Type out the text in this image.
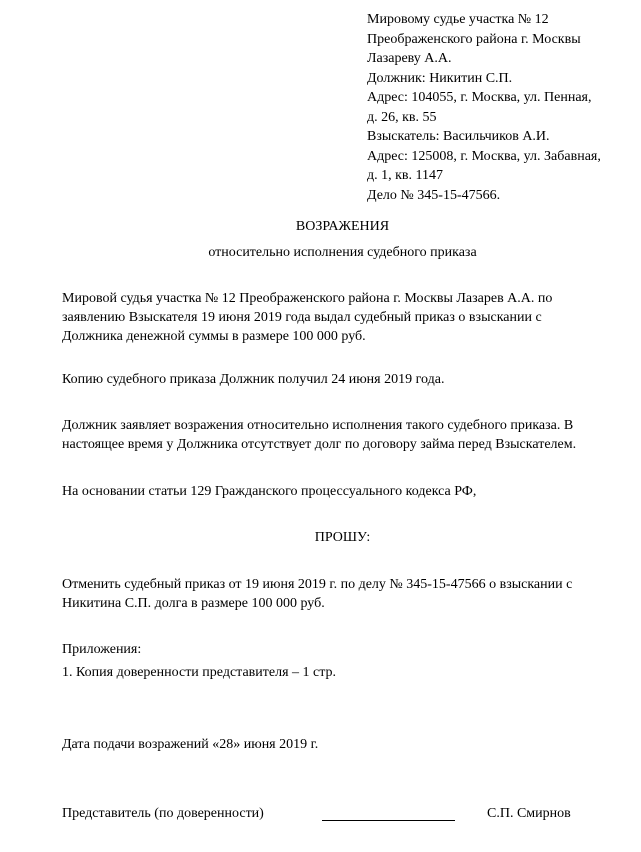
Мировому судье участка № 12
Преображенского района г. Москвы
Лазареву А.А.
Должник: Никитин С.П.
Адрес: 104055, г. Москва, ул. Пенная,
д. 26, кв. 55
Взыскатель: Васильчиков А.И.
Адрес: 125008, г. Москва, ул. Забавная,
д. 1, кв. 1147
Дело № 345-15-47566.
ВОЗРАЖЕНИЯ
относительно исполнения судебного приказа
Мировой судья участка № 12 Преображенского района г. Москвы Лазарев А.А. по
заявлению Взыскателя 19 июня 2019 года выдал судебный приказ о взыскании с
Должника денежной суммы в размере 100 000 руб.
Копию судебного приказа Должник получил 24 июня 2019 года.
Должник заявляет возражения относительно исполнения такого судебного приказа. В
настоящее время у Должника отсутствует долг по договору займа перед Взыскателем.
На основании статьи 129 Гражданского процессуального кодекса РФ,
ПРОШУ:
Отменить судебный приказ от 19 июня 2019 г. по делу № 345-15-47566 о взыскании с
Никитина С.П. долга в размере 100 000 руб.
Приложения:
1. Копия доверенности представителя – 1 стр.
Дата подачи возражений «28» июня 2019 г.
Представитель (по доверенности)	С.П. Смирнов
